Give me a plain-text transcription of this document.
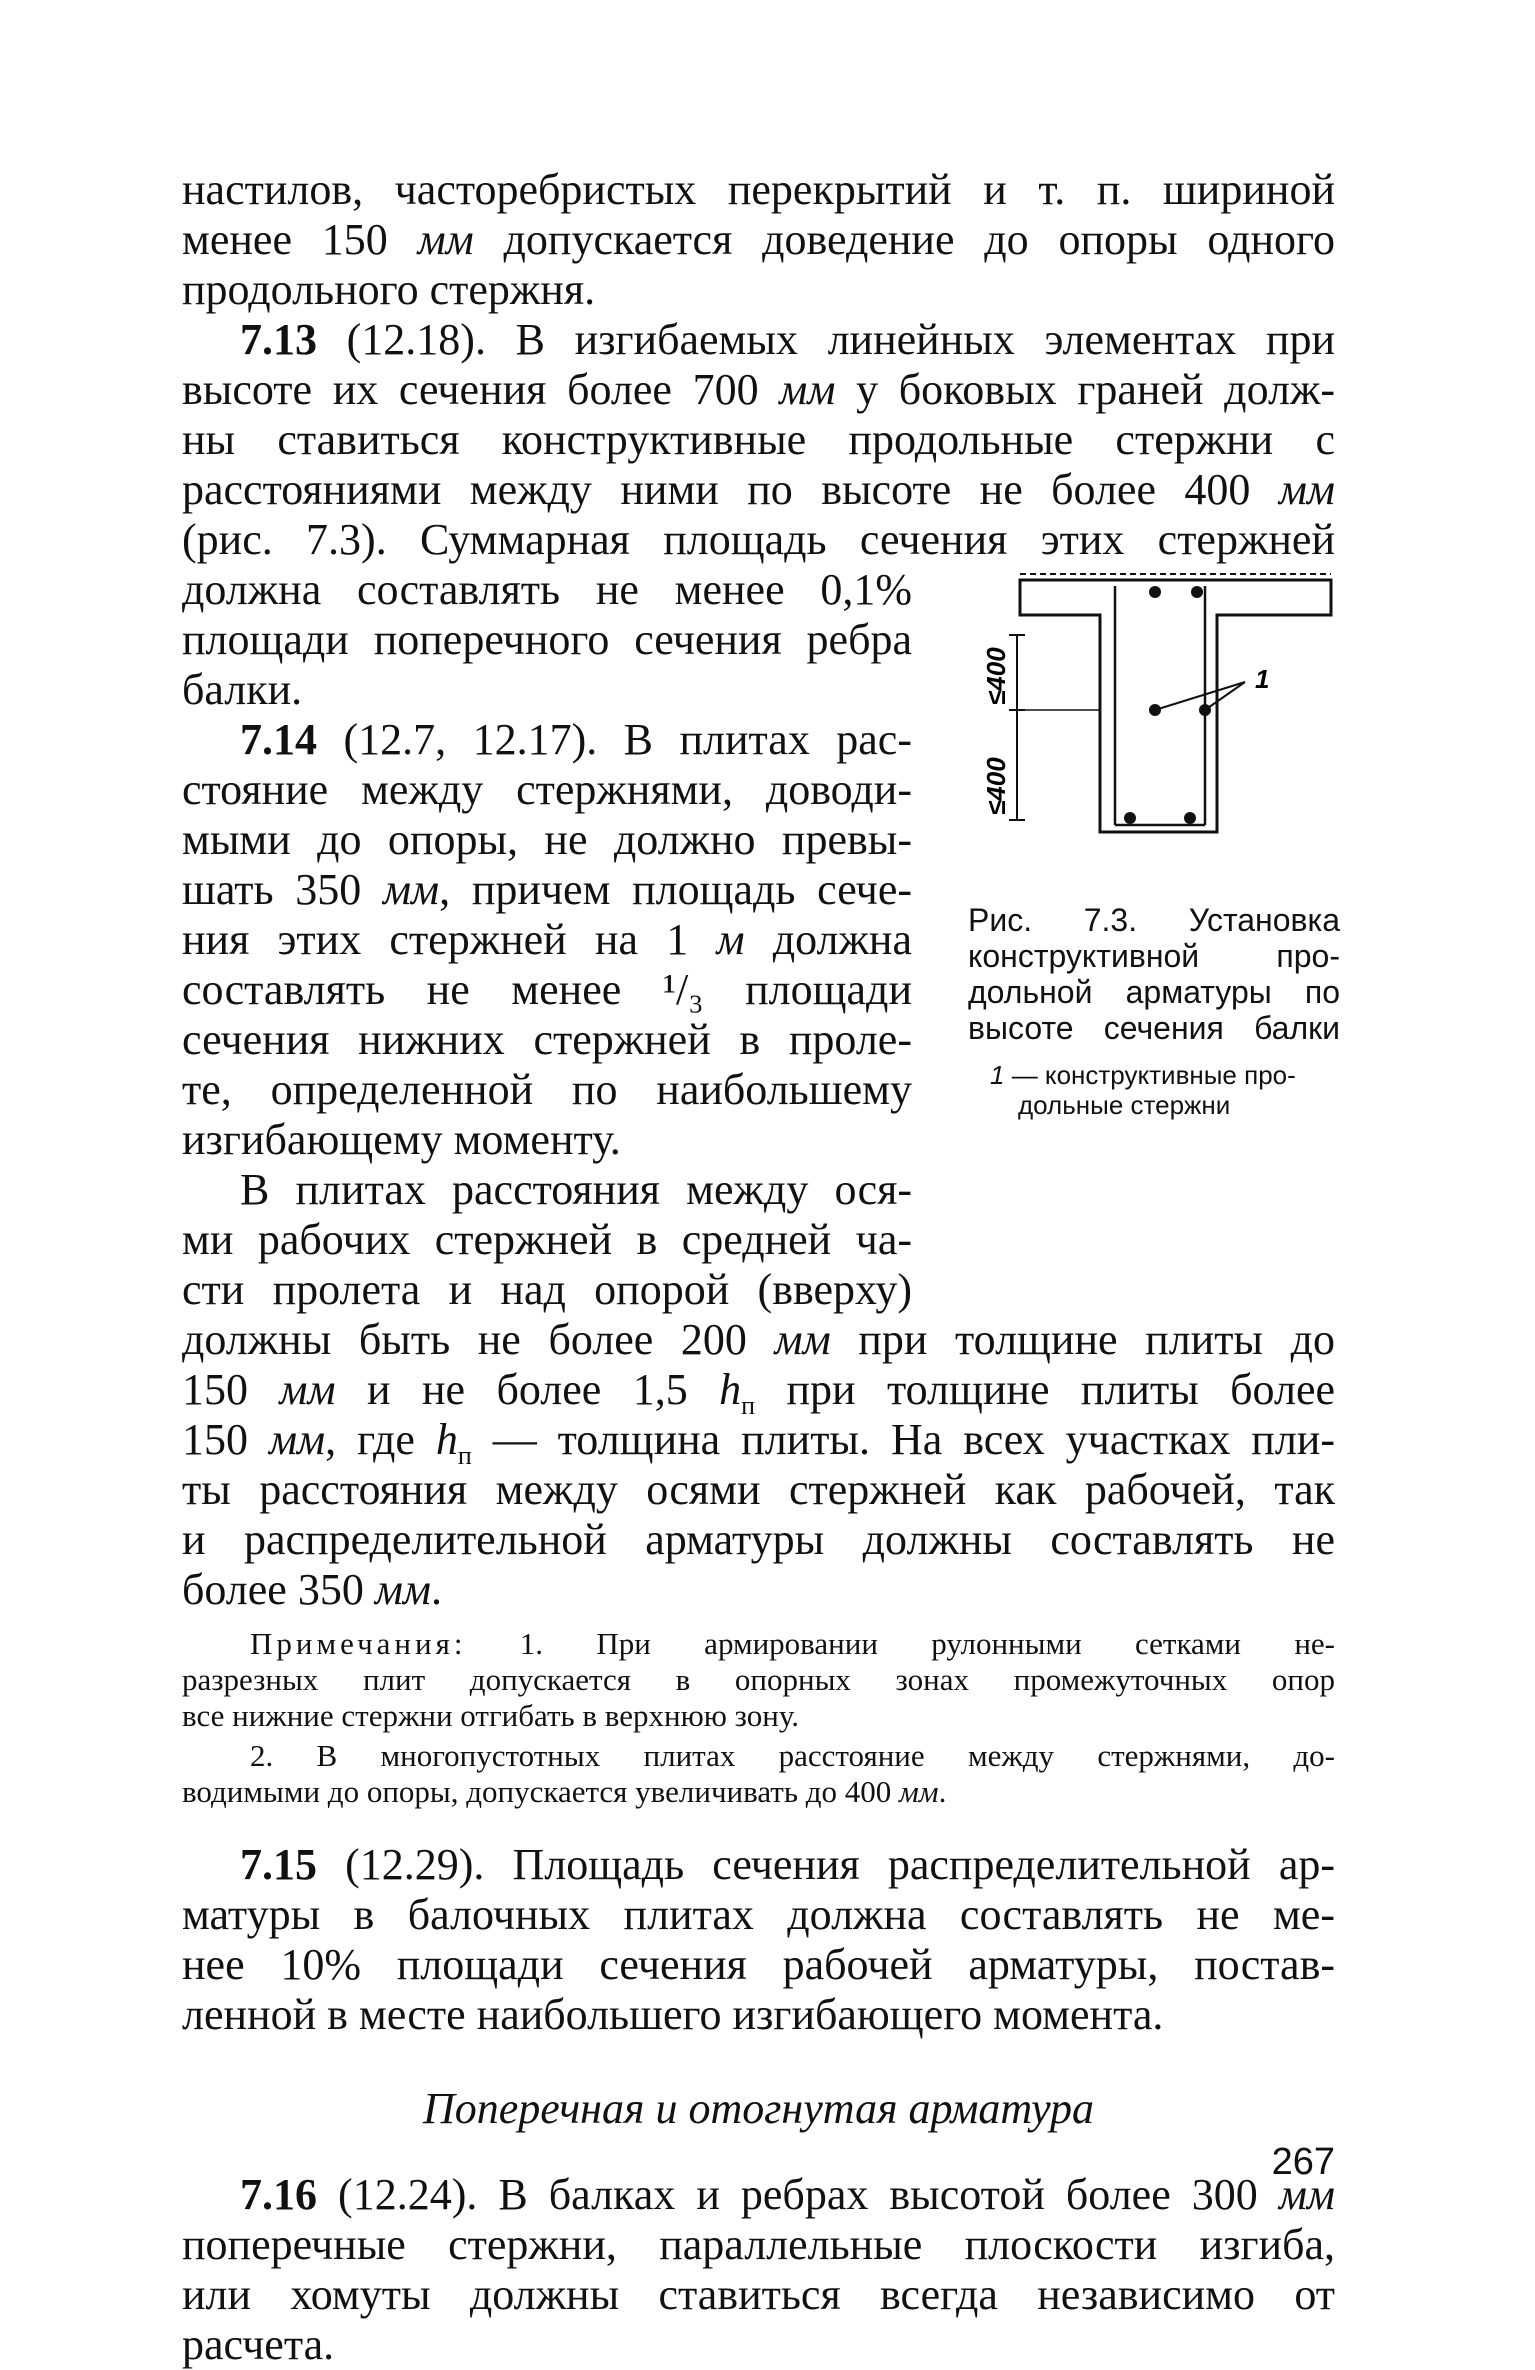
настилов, часторебристых перекрытий и т. п. шириной
менее 150 мм допускается доведение до опоры одного
продольного стержня.
7.13 (12.18). В изгибаемых линейных элементах при
высоте их сечения более 700 мм у боковых граней долж-
ны ставиться конструктивные продольные стержни с
расстояниями между ними по высоте не более 400 мм
(рис. 7.3). Суммарная площадь сечения этих стержней
должна составлять не менее 0,1%
площади поперечного сечения ребра
балки.
7.14 (12.7, 12.17). В плитах рас-
стояние между стержнями, доводи-
мыми до опоры, не должно превы-
шать 350 мм, причем площадь сече-
ния этих стержней на 1 м должна
составлять не менее ¹/₃ площади
сечения нижних стержней в проле-
те, определенной по наибольшему
изгибающему моменту.
В плитах расстояния между ося-
ми рабочих стержней в средней ча-
сти пролета и над опорой (вверху)
должны быть не более 200 мм при толщине плиты до
150 мм и не более 1,5 $h_п$ при толщине плиты более
150 мм, где $h_п$ — толщина плиты. На всех участках пли-
ты расстояния между осями стержней как рабочей, так
и распределительной арматуры должны составлять не
более 350 мм.
Примечания: 1. При армировании рулонными сетками не-
разрезных плит допускается в опорных зонах промежуточных опор
все нижние стержни отгибать в верхнюю зону.
2. В многопустотных плитах расстояние между стержнями, до-
водимыми до опоры, допускается увеличивать до 400 мм.
7.15 (12.29). Площадь сечения распределительной ар-
матуры в балочных плитах должна составлять не ме-
нее 10% площади сечения рабочей арматуры, постав-
ленной в месте наибольшего изгибающего момента.
Поперечная и отогнутая арматура
7.16 (12.24). В балках и ребрах высотой более 300 мм
поперечные стержни, параллельные плоскости изгиба,
или хомуты должны ставиться всегда независимо от
расчета.
≤400
≤400
1
Рис. 7.3. Установка
конструктивной про-
дольной арматуры по
высоте сечения балки
1 — конструктивные про-
дольные стержни
267
